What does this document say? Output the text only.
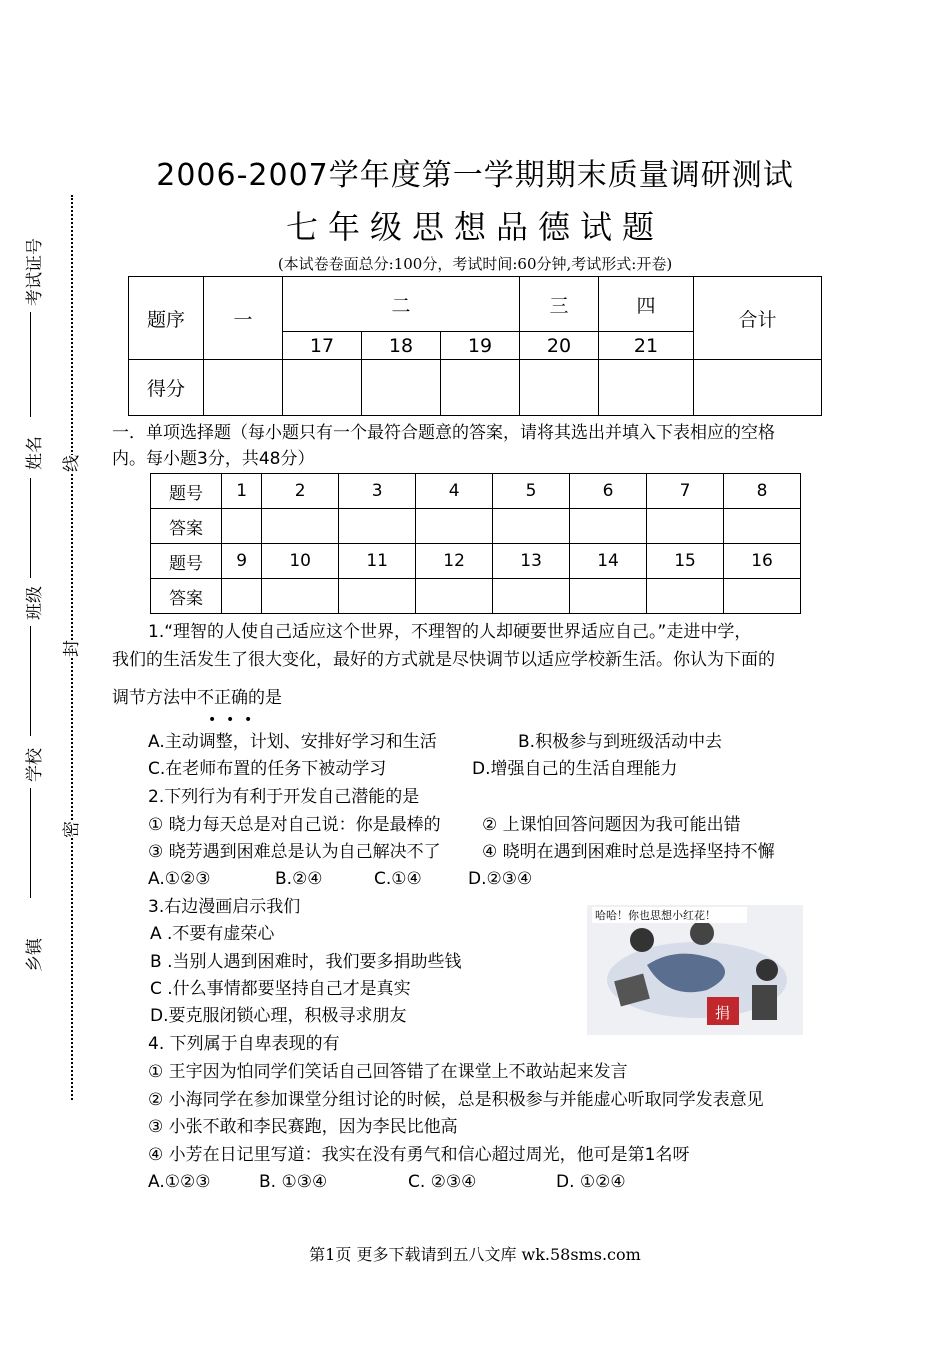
考试证号
姓名
班级
学校
乡镇
线
封
密
2006-2007学年度第一学期期末质量调研测试
七年级思想品德试题
(本试卷卷面总分:100分，考试时间:60分钟,考试形式:开卷)
题序	一	二			三	四	合计
		17	18	19	20	21	
得分							
一．单项选择题（每小题只有一个最符合题意的答案，请将其选出并填入下表相应的空格
内。每小题3分，共48分）
题号	1	2	3	4	5	6	7	8
答案								
题号	9	10	11	12	13	14	15	16
答案								
1.“理智的人使自己适应这个世界，不理智的人却硬要世界适应自己。”走进中学，
我们的生活发生了很大变化，最好的方式就是尽快调节以适应学校新生活。你认为下面的
调节方法中不正确的是
• • •
A.主动调整，计划、安排好学习和生活	B.积极参与到班级活动中去
C.在老师布置的任务下被动学习	D.增强自己的生活自理能力
2.下列行为有利于开发自己潜能的是
① 晓力每天总是对自己说：你是最棒的 ② 上课怕回答问题因为我可能出错
③ 晓芳遇到困难总是认为自己解决不了 ④ 晓明在遇到困难时总是选择坚持不懈
A.①②③	B.②④	C.①④	D.②③④
3.右边漫画启示我们
A .不要有虚荣心
B .当别人遇到困难时，我们要多捐助些钱
C .什么事情都要坚持自己才是真实
D.要克服闭锁心理，积极寻求朋友
哈哈！你也思想小红花！
捐
4. 下列属于自卑表现的有
① 王宇因为怕同学们笑话自己回答错了在课堂上不敢站起来发言
② 小海同学在参加课堂分组讨论的时候，总是积极参与并能虚心听取同学发表意见
③ 小张不敢和李民赛跑，因为李民比他高
④ 小芳在日记里写道：我实在没有勇气和信心超过周光，他可是第1名呀
A.①②③	B. ①③④	C. ②③④	D. ①②④
第1页 更多下载请到五八文库 wk.58sms.com
